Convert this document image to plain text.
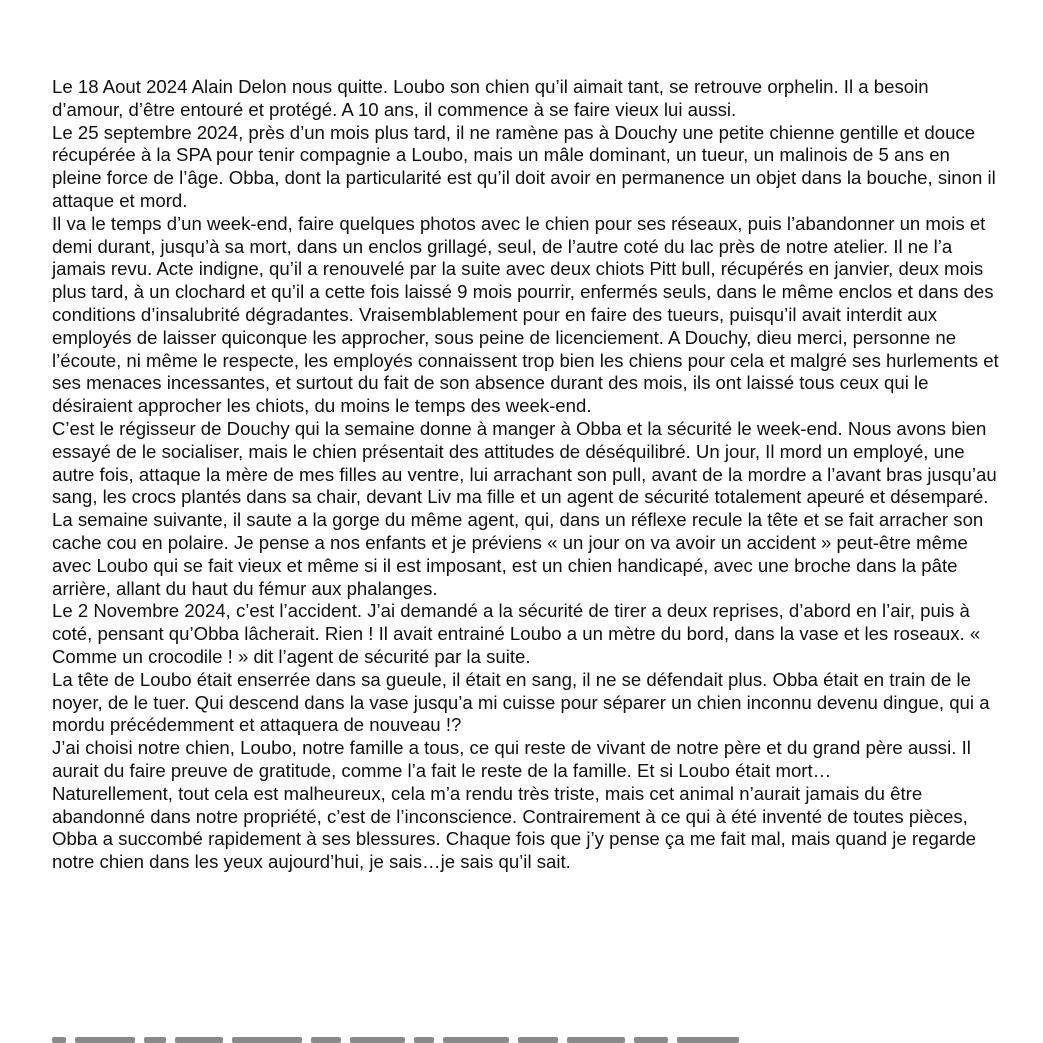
Le 18 Aout 2024 Alain Delon nous quitte. Loubo son chien qu’il aimait tant, se retrouve orphelin. Il a besoin d’amour, d’être entouré et protégé. A 10 ans, il commence à se faire vieux lui aussi.

Le 25 septembre 2024, près d’un mois plus tard, il ne ramène pas à Douchy une petite chienne gentille et douce récupérée à la SPA pour tenir compagnie a Loubo, mais un mâle dominant, un tueur, un malinois de 5 ans en pleine force de l’âge. Obba, dont la particularité est qu’il doit avoir en permanence un objet dans la bouche, sinon il attaque et mord.

Il va le temps d’un week-end, faire quelques photos avec le chien pour ses réseaux, puis l’abandonner un mois et demi durant, jusqu’à sa mort, dans un enclos grillagé, seul, de l’autre coté du lac près de notre atelier. Il ne l’a jamais revu. Acte indigne, qu’il a renouvelé par la suite avec deux chiots Pitt bull, récupérés en janvier, deux mois plus tard, à un clochard et qu’il a cette fois laissé 9 mois pourrir, enfermés seuls, dans le même enclos et dans des conditions d’insalubrité dégradantes. Vraisemblablement pour en faire des tueurs, puisqu’il avait interdit aux employés de laisser quiconque les approcher, sous peine de licenciement. A Douchy, dieu merci, personne ne l’écoute, ni même le respecte, les employés connaissent trop bien les chiens pour cela et malgré ses hurlements et ses menaces incessantes, et surtout du fait de son absence durant des mois, ils ont laissé tous ceux qui le désiraient approcher les chiots, du moins le temps des week-end.

C’est le régisseur de Douchy qui la semaine donne à manger à Obba et la sécurité le week-end. Nous avons bien essayé de le socialiser, mais le chien présentait des attitudes de déséquilibré. Un jour, Il mord un employé, une autre fois, attaque la mère de mes filles au ventre, lui arrachant son pull, avant de la mordre a l’avant bras jusqu’au sang, les crocs plantés dans sa chair, devant Liv ma fille et un agent de sécurité totalement apeuré et désemparé. La semaine suivante, il saute a la gorge du même agent, qui, dans un réflexe recule la tête et se fait arracher son cache cou en polaire. Je pense a nos enfants et je préviens « un jour on va avoir un accident » peut-être même avec Loubo qui se fait vieux et même si il est imposant, est un chien handicapé, avec une broche dans la pâte arrière, allant du haut du fémur aux phalanges.

Le 2 Novembre 2024, c’est l’accident. J’ai demandé a la sécurité de tirer a deux reprises, d’abord en l’air, puis à coté, pensant qu’Obba lâcherait. Rien ! Il avait entrainé Loubo a un mètre du bord, dans la vase et les roseaux. « Comme un crocodile ! » dit l’agent de sécurité par la suite.

La tête de Loubo était enserrée dans sa gueule, il était en sang, il ne se défendait plus. Obba était en train de le noyer, de le tuer. Qui descend dans la vase jusqu’a mi cuisse pour séparer un chien inconnu devenu dingue, qui a mordu précédemment et attaquera de nouveau !?

J’ai choisi notre chien, Loubo, notre famille a tous, ce qui reste de vivant de notre père et du grand père aussi. Il aurait du faire preuve de gratitude, comme l’a fait le reste de la famille. Et si Loubo était mort…

Naturellement, tout cela est malheureux, cela m’a rendu très triste, mais cet animal n’aurait jamais du être abandonné dans notre propriété, c’est de l’inconscience. Contrairement à ce qui à été inventé de toutes pièces, Obba a succombé rapidement à ses blessures. Chaque fois que j’y pense ça me fait mal, mais quand je regarde notre chien dans les yeux aujourd’hui, je sais…je sais qu’il sait.
